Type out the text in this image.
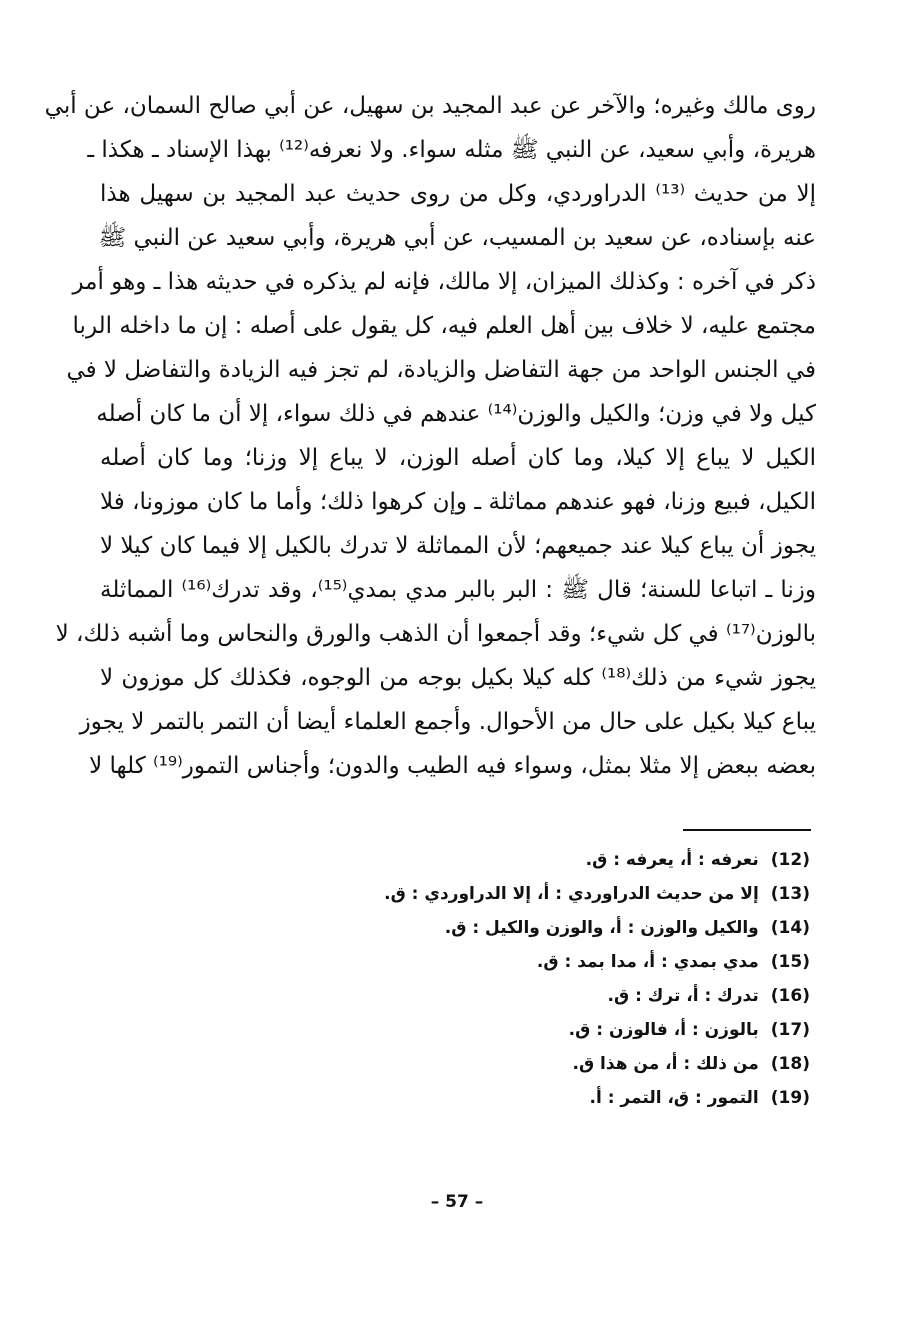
روى مالك وغيره؛ والآخر عن عبد المجيد بن سهيل، عن أبي صالح السمان، عن أبي
هريرة، وأبي سعيد، عن النبي ﷺ مثله سواء. ولا نعرفه⁽¹²⁾ بهذا الإسناد ـ هكذا ـ
إلا من حديث ⁽¹³⁾ الدراوردي، وكل من روى حديث عبد المجيد بن سهيل هذا
عنه بإسناده، عن سعيد بن المسيب، عن أبي هريرة، وأبي سعيد عن النبي ﷺ
ذكر في آخره : وكذلك الميزان، إلا مالك، فإنه لم يذكره في حديثه هذا ـ وهو أمر
مجتمع عليه، لا خلاف بين أهل العلم فيه، كل يقول على أصله : إن ما داخله الربا
في الجنس الواحد من جهة التفاضل والزيادة، لم تجز فيه الزيادة والتفاضل لا في
كيل ولا في وزن؛ والكيل والوزن⁽¹⁴⁾ عندهم في ذلك سواء، إلا أن ما كان أصله
الكيل لا يباع إلا كيلا، وما كان أصله الوزن، لا يباع إلا وزنا؛ وما كان أصله
الكيل، فبيع وزنا، فهو عندهم مماثلة ـ وإن كرهوا ذلك؛ وأما ما كان موزونا، فلا
يجوز أن يباع كيلا عند جميعهم؛ لأن المماثلة لا تدرك بالكيل إلا فيما كان كيلا لا
وزنا ـ اتباعا للسنة؛ قال ﷺ : البر بالبر مدي بمدي⁽¹⁵⁾، وقد تدرك⁽¹⁶⁾ المماثلة
بالوزن⁽¹⁷⁾ في كل شيء؛ وقد أجمعوا أن الذهب والورق والنحاس وما أشبه ذلك، لا
يجوز شيء من ذلك⁽¹⁸⁾ كله كيلا بكيل بوجه من الوجوه، فكذلك كل موزون لا
يباع كيلا بكيل على حال من الأحوال. وأجمع العلماء أيضا أن التمر بالتمر لا يجوز
بعضه ببعض إلا مثلا بمثل، وسواء فيه الطيب والدون؛ وأجناس التمور⁽¹⁹⁾ كلها لا
(12)نعرفه : أ، يعرفه : ق.
(13)إلا من حديث الدراوردي : أ، إلا الدراوردي : ق.
(14)والكيل والوزن : أ، والوزن والكيل : ق.
(15)مدي بمدي : أ، مدا بمد : ق.
(16)تدرك : أ، ترك : ق.
(17)بالوزن : أ، فالوزن : ق.
(18)من ذلك : أ، من هذا ق.
(19)التمور : ق، التمر : أ.
– 57 –
